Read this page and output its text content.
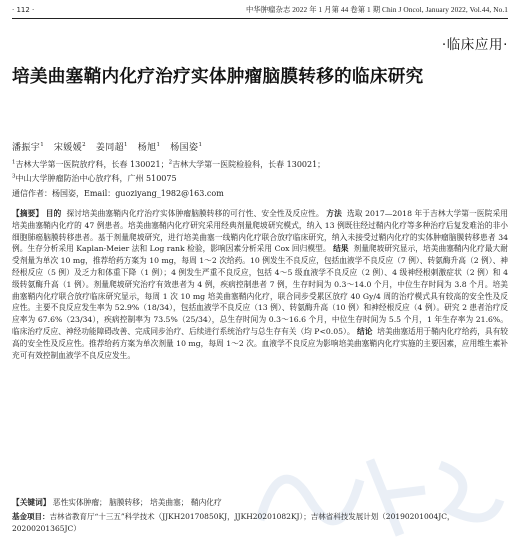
· 112 ·	中华肿瘤杂志 2022 年 1 月第 44 卷第 1 期 Chin J Oncol, January 2022, Vol.44, No.1
·临床应用·
培美曲塞鞘内化疗治疗实体肿瘤脑膜转移的临床研究
潘振宇$^1$ 宋媛媛$^2$ 姜同超$^1$ 杨旭$^1$ 杨国姿$^1$
$^1$吉林大学第一医院放疗科，长春 130021；$^2$吉林大学第一医院检验科，长春 130021；
$^3$中山大学肿瘤防治中心放疗科，广州 510075
通信作者：杨国姿，Email：guoziyang_1982@163.com

【摘要】 目的 探讨培美曲塞鞘内化疗治疗实体肿瘤脑膜转移的可行性、安全性及反应性。 方法 选取 2017—2018 年于吉林大学第一医院采用培美曲塞鞘内化疗的 47 例患者。培美曲塞鞘内化疗研究采用经典剂量爬坡研究模式，纳入 13 例既往经过鞘内化疗等多种治疗后复发难治的非小细胞肺癌脑膜转移患者。基于剂量爬坡研究，进行培美曲塞一线鞘内化疗联合放疗临床研究，纳入未接受过鞘内化疗的实体肿瘤脑膜转移患者 34 例。生存分析采用 Kaplan-Meier 法和 Log rank 检验，影响因素分析采用 Cox 回归模型。 结果 剂量爬坡研究显示，培美曲塞鞘内化疗最大耐受剂量为单次 10 mg，推荐给药方案为 10 mg，每周 1～2 次给药。10 例发生不良反应，包括血液学不良反应（7 例）、转氨酶升高（2 例）、神经根反应（5 例）及乏力和体重下降（1 例）；4 例发生严重不良反应，包括 4～5 级血液学不良反应（2 例）、4 级神经根刺激症状（2 例）和 4 级转氨酶升高（1 例）。剂量爬坡研究治疗有效患者为 4 例，疾病控制患者 7 例，生存时间为 0.3～14.0 个月，中位生存时间为 3.8 个月。培美曲塞鞘内化疗联合放疗临床研究显示，每周 1 次 10 mg 培美曲塞鞘内化疗，联合同步受累区放疗 40 Gy/4 周的治疗模式具有较高的安全性及反应性。主要不良反应发生率为 52.9%（18/34），包括血液学不良反应（13 例）、转氨酶升高（10 例）和神经根反应（4 例）。研究 2 患者治疗反应率为 67.6%（23/34），疾病控制率为 73.5%（25/34），总生存时间为 0.3～16.6 个月，中位生存时间为 5.5 个月，1 年生存率为 21.6%。临床治疗反应、神经功能障碍改善、完成同步治疗、后续进行系统治疗与总生存有关（均 P<0.05）。 结论 培美曲塞适用于鞘内化疗给药，具有较高的安全性及反应性。推荐给药方案为单次剂量 10 mg，每周 1～2 次。血液学不良反应为影响培美曲塞鞘内化疗实施的主要因素，应用维生素补充可有效控制血液学不良反应发生。

【关键词】 恶性实体肿瘤； 脑膜转移； 培美曲塞； 鞘内化疗
基金项目：吉林省教育厅“十三五”科学技术（JJKH20170850KJ，JJKH20201082KJ）；吉林省科技发展计划（20190201004JC，20200201365JC）
